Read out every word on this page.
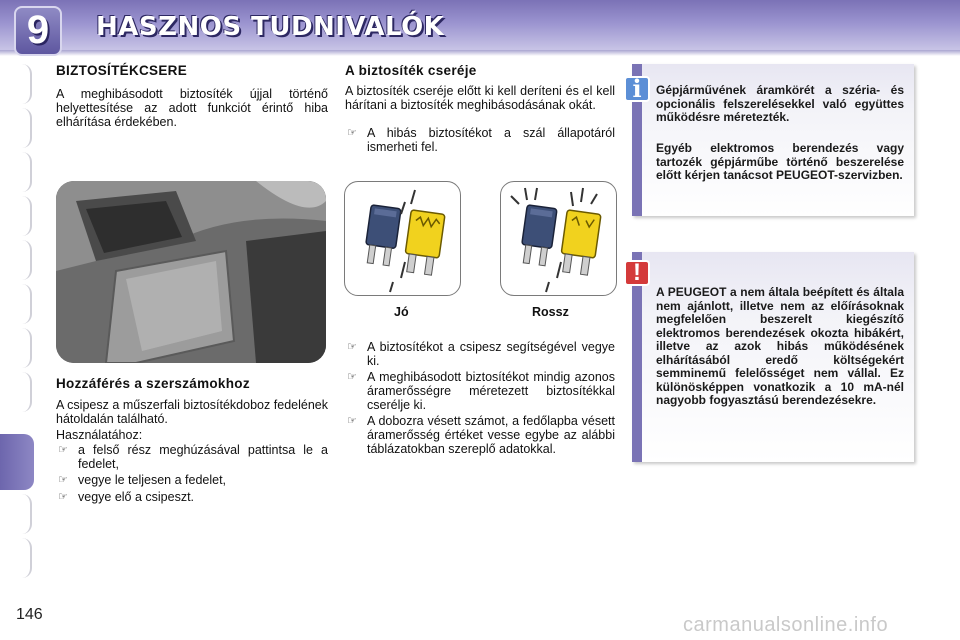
9	HASZNOS TUDNIVALÓK
BIZTOSÍTÉKCSERE
A meghibásodott biztosíték újjal történő helyettesítése az adott funkciót érintő hiba elhárítása érdekében.
Hozzáférés a szerszámokhoz
A csipesz a műszerfali biztosítékdoboz fedelének hátoldalán található.
Használatához:
☞ a felső rész meghúzásával pattintsa le a fedelet,
☞ vegye le teljesen a fedelet,
☞ vegye elő a csipeszt.
A biztosíték cseréje
A biztosíték cseréje előtt ki kell deríteni és el kell hárítani a biztosíték meghibásodásának okát.
☞ A hibás biztosítékot a szál állapotáról ismerheti fel.
Jó	Rossz
☞ A biztosítékot a csipesz segítségével vegye ki.
☞ A meghibásodott biztosítékot mindig azonos áramerősségre méretezett biztosítékkal cserélje ki.
☞ A dobozra vésett számot, a fedőlapba vésett áramerősség értéket vesse egybe az alábbi táblázatokban szereplő adatokkal.
i	Gépjárművének áramkörét a széria- és opcionális felszerelésekkel való együttes működésre méretezték.
Egyéb elektromos berendezés vagy tartozék gépjárműbe történő beszerelése előtt kérjen tanácsot PEUGEOT-szervizben.
!
A PEUGEOT a nem általa beépített és általa nem ajánlott, illetve nem az előírásoknak megfelelően beszerelt kiegészítő elektromos berendezések okozta hibákért, illetve az azok hibás működésének elhárításából eredő költségekért semminemű felelősséget nem vállal. Ez különösképpen vonatkozik a 10 mA-nél nagyobb fogyasztású berendezésekre.
146	carmanualsonline.info
